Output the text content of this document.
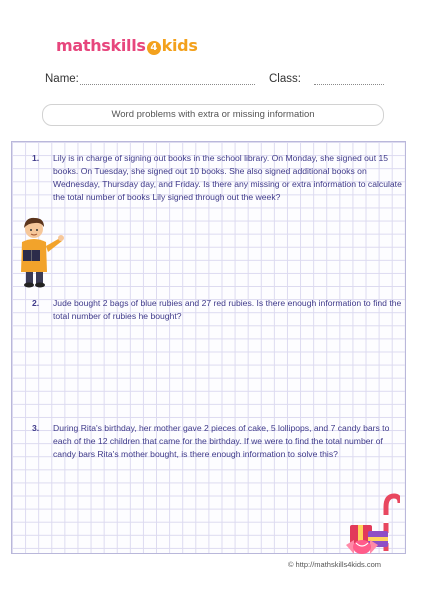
mathskills 4 kids
Name:	Class:
Word problems with extra or missing information
1.	Lily is in charge of signing out books in the school library. On Monday, she signed out 15 books. On Tuesday, she signed out 10 books. She also signed additional books on Wednesday, Thursday day, and Friday. Is there any missing or extra information to calculate the total number of books Lily signed through out the week?
2.	Jude bought 2 bags of blue rubies and 27 red rubies. Is there enough information to find the total number of rubies he bought?
3.	During Rita's birthday, her mother gave 2 pieces of cake, 5 lollipops, and 7 candy bars to each of the 12 children that came for the birthday. If we were to find the total number of candy bars Rita's mother bought, is there enough information to solve this?
© http://mathskills4kids.com
